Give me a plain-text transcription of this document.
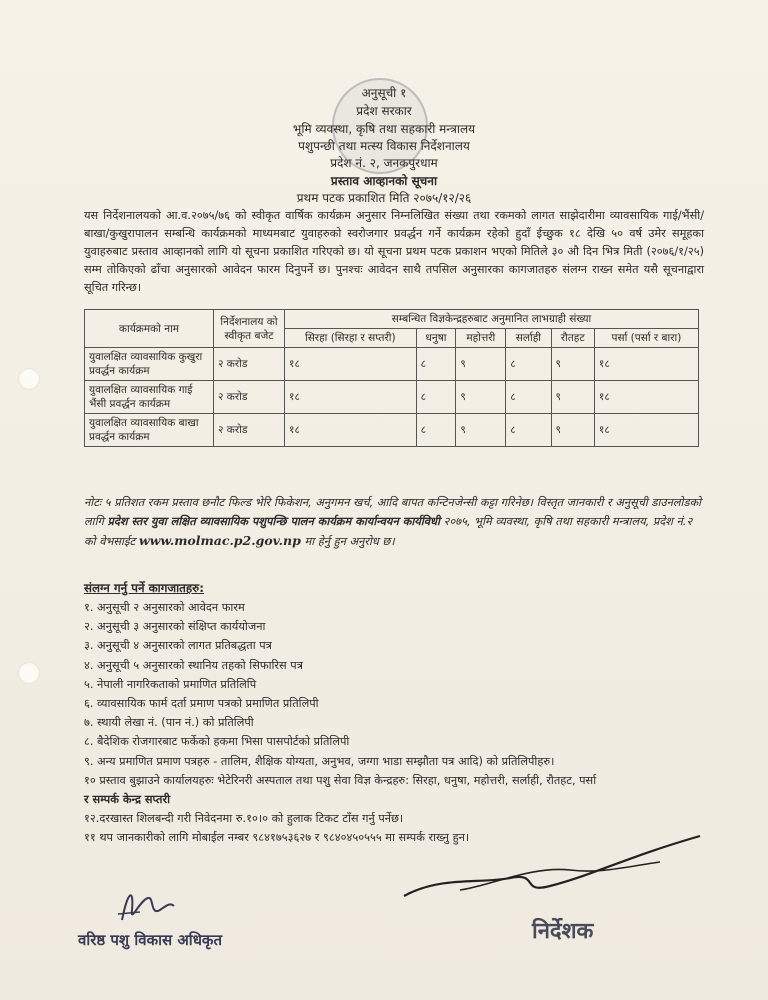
अनुसूची १
प्रदेश सरकार
भूमि व्यवस्था, कृषि तथा सहकारी मन्त्रालय
पशुपन्छी तथा मत्स्य विकास निर्देशनालय
प्रदेश नं. २, जनकपुरधाम
प्रस्ताव आव्हानको सूचना
प्रथम पटक प्रकाशित मिति २०७५/१२/२६
यस निर्देशनालयको आ.व.२०७५/७६ को स्वीकृत वार्षिक कार्यक्रम अनुसार निम्नलिखित संख्या तथा रकमको लागत साझेदारीमा व्यावसायिक गाई/भैंसी/बाखा/कुखुरापालन सम्बन्धि कार्यक्रमको माध्यमबाट युवाहरुको स्वरोजगार प्रवर्द्धन गर्ने कार्यक्रम रहेको हुदाँ ईच्छुक १८ देखि ५० वर्ष उमेर समूहका युवाहरुबाट प्रस्ताव आव्हानको लागि यो सूचना प्रकाशित गरिएको छ। यो सूचना प्रथम पटक प्रकाशन भएको मितिले ३० औ दिन भित्र मिती (२०७६/१/२५) सम्म तोकिएको ढाँचा अनुसारको आवेदन फारम दिनुपर्ने छ। पुनश्चः आवेदन साथै तपसिल अनुसारका कागजातहरु संलग्न राख्न समेत यसै सूचनाद्वारा सूचित गरिन्छ।
कार्यक्रमको नाम	निर्देशनालय को स्वीकृत बजेट	सम्बन्धित विज्ञकेन्द्रहरुबाट अनुमानित लाभग्राही संख्या					
		सिरहा (सिरहा र सप्तरी)	धनुषा	महोत्तरी	सर्लाही	रौतहट	पर्सा (पर्सा र बारा)
युवालक्षित व्यावसायिक कुखुरा प्रवर्द्धन कार्यक्रम	२ करोड	१८	८	९	८	९	१८
युवालक्षित व्यावसायिक गाई भैंसी प्रवर्द्धन कार्यक्रम	२ करोड	१८	८	९	८	९	१८
युवालक्षित व्यावसायिक बाखा प्रवर्द्धन कार्यक्रम	२ करोड	१८	८	९	८	९	१८
नोटः ५ प्रतिशत रकम प्रस्ताव छनौट फिल्ड भेरि फिकेशन, अनुगमन खर्च, आदि बापत कन्टिनजेन्सी कट्टा गरिनेछ। विस्तृत जानकारी र अनुसूची डाउनलोडको लागि प्रदेश स्तर युवा लक्षित व्यावसायिक पशुपन्छि पालन कार्यक्रम कार्यान्वयन कार्यविधी २०७५, भूमि व्यवस्था, कृषि तथा सहकारी मन्त्रालय, प्रदेश नं.२ को वेभसाईट www.molmac.p2.gov.np मा हेर्नु हुन अनुरोध छ।
संलग्न गर्नु पर्ने कागजातहरु:
१. अनुसूची २ अनुसारको आवेदन फारम
२. अनुसूची ३ अनुसारको संक्षिप्त कार्ययोजना
३. अनुसूची ४ अनुसारको लागत प्रतिबद्धता पत्र
४. अनुसूची ५ अनुसारको स्थानिय तहको सिफारिस पत्र
५. नेपाली नागरिकताको प्रमाणित प्रतिलिपि
६. व्यावसायिक फार्म दर्ता प्रमाण पत्रको प्रमाणित प्रतिलिपी
७. स्थायी लेखा नं. (पान नं.) को प्रतिलिपी
८. बैदेशिक रोजगारबाट फर्केको हकमा भिसा पासपोर्टको प्रतिलिपी
९. अन्य प्रमाणित प्रमाण पत्रहरु - तालिम, शैक्षिक योग्यता, अनुभव, जग्गा भाडा सम्झौता पत्र आदि) को प्रतिलिपीहरु।
१० प्रस्ताव बुझाउने कार्यालयहरुः भेटेरिनरी अस्पताल तथा पशु सेवा विज्ञ केन्द्रहरु: सिरहा, धनुषा, महोत्तरी, सर्लाही, रौतहट, पर्सा
र सम्पर्क केन्द्र सप्तरी
१२.दरखास्त शिलबन्दी गरी निवेदनमा रु.१०।० को हुलाक टिकट टाँस गर्नु पर्नेछ।
११ थप जानकारीको लागि मोबाईल नम्बर ९८४१७५३६२७ र ९८४०४५०५५५ मा सम्पर्क राख्नु हुन।
वरिष्ठ पशु विकास अधिकृत	निर्देशक
